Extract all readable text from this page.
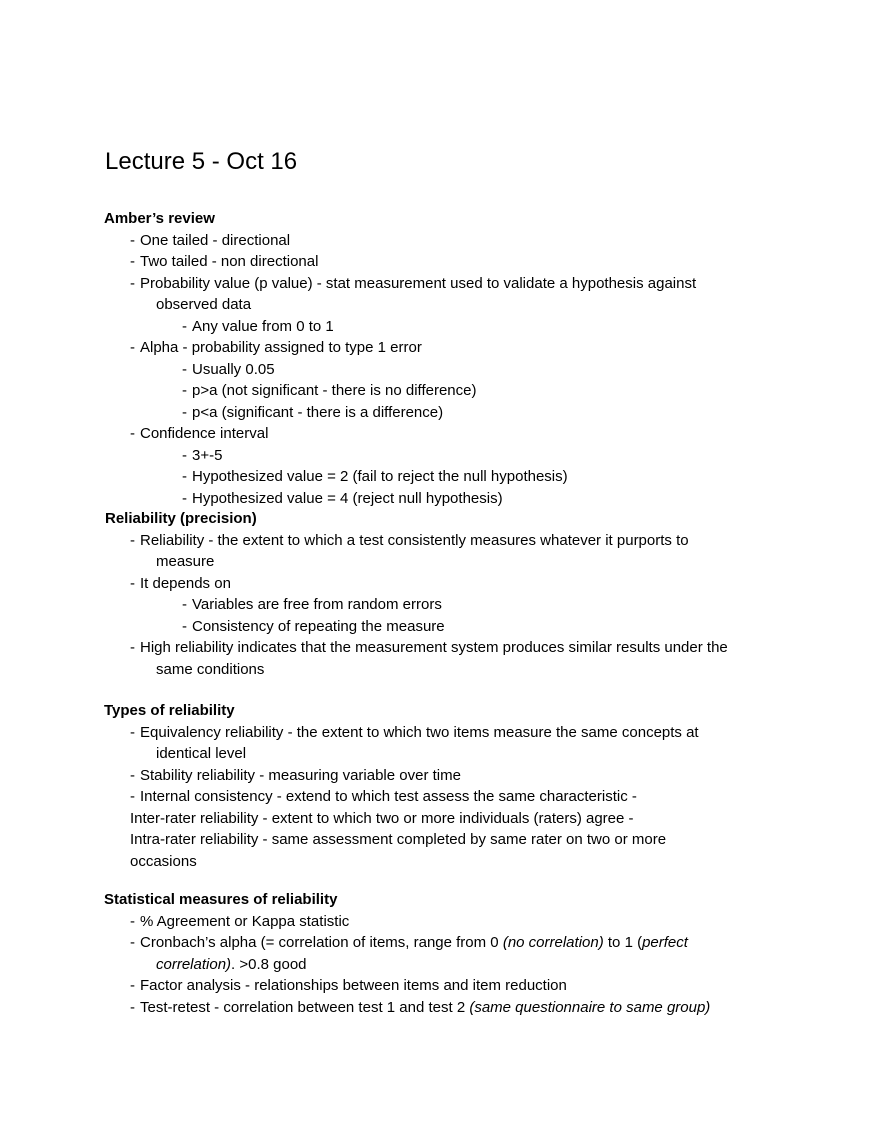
Lecture 5 - Oct 16

Amber’s review

- One tailed - directional

- Two tailed - non directional

- Probability value (p value) - stat measurement used to validate a hypothesis against

observed data

- Any value from 0 to 1

- Alpha - probability assigned to type 1 error

- Usually 0.05

- p>a (not significant - there is no difference)

- p<a (significant - there is a difference)

- Confidence interval

- 3+-5

- Hypothesized value = 2 (fail to reject the null hypothesis)

- Hypothesized value = 4 (reject null hypothesis)

Reliability (precision)

- Reliability - the extent to which a test consistently measures whatever it purports to

measure

- It depends on

- Variables are free from random errors

- Consistency of repeating the measure

- High reliability indicates that the measurement system produces similar results under the

same conditions

Types of reliability

- Equivalency reliability - the extent to which two items measure the same concepts at

identical level

- Stability reliability - measuring variable over time

- Internal consistency - extend to which test assess the same characteristic -

Inter-rater reliability - extent to which two or more individuals (raters) agree -

Intra-rater reliability - same assessment completed by same rater on two or more

occasions

Statistical measures of reliability

- % Agreement or Kappa statistic

- Cronbach’s alpha (= correlation of items, range from 0 (no correlation) to 1 (perfect

correlation). >0.8 good

- Factor analysis - relationships between items and item reduction

- Test-retest - correlation between test 1 and test 2 (same questionnaire to same group)
